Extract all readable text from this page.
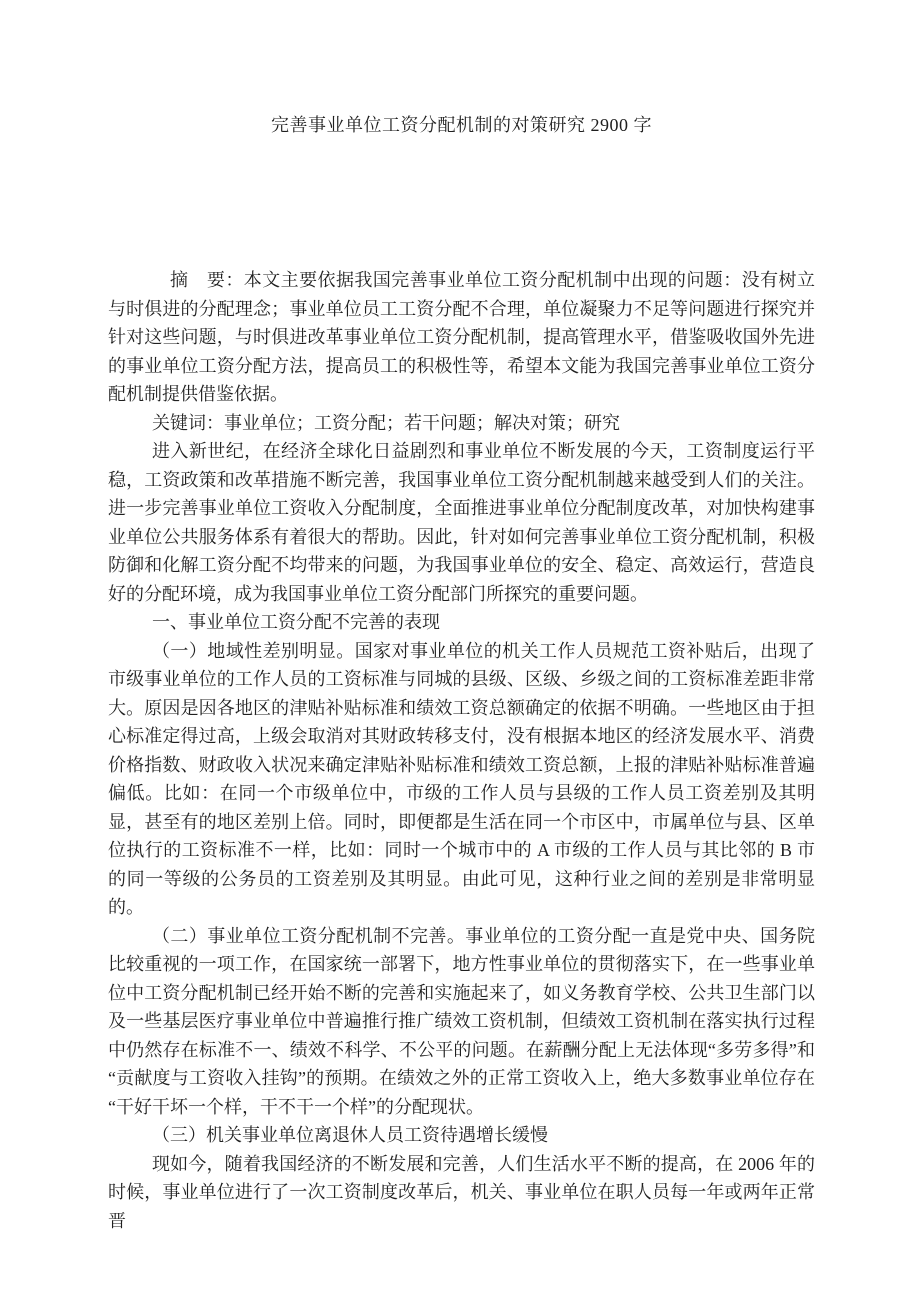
完善事业单位工资分配机制的对策研究 2900 字

摘　要：本文主要依据我国完善事业单位工资分配机制中出现的问题：没有树立与时俱进的分配理念；事业单位员工工资分配不合理，单位凝聚力不足等问题进行探究并针对这些问题，与时俱进改革事业单位工资分配机制，提高管理水平，借鉴吸收国外先进的事业单位工资分配方法，提高员工的积极性等，希望本文能为我国完善事业单位工资分配机制提供借鉴依据。

关键词：事业单位；工资分配；若干问题；解决对策；研究

进入新世纪，在经济全球化日益剧烈和事业单位不断发展的今天，工资制度运行平稳，工资政策和改革措施不断完善，我国事业单位工资分配机制越来越受到人们的关注。进一步完善事业单位工资收入分配制度，全面推进事业单位分配制度改革，对加快构建事业单位公共服务体系有着很大的帮助。因此，针对如何完善事业单位工资分配机制，积极防御和化解工资分配不均带来的问题，为我国事业单位的安全、稳定、高效运行，营造良好的分配环境，成为我国事业单位工资分配部门所探究的重要问题。

一、事业单位工资分配不完善的表现

（一）地域性差别明显。国家对事业单位的机关工作人员规范工资补贴后，出现了市级事业单位的工作人员的工资标准与同城的县级、区级、乡级之间的工资标准差距非常大。原因是因各地区的津贴补贴标准和绩效工资总额确定的依据不明确。一些地区由于担心标准定得过高，上级会取消对其财政转移支付，没有根据本地区的经济发展水平、消费价格指数、财政收入状况来确定津贴补贴标准和绩效工资总额，上报的津贴补贴标准普遍偏低。比如：在同一个市级单位中，市级的工作人员与县级的工作人员工资差别及其明显，甚至有的地区差别上倍。同时，即便都是生活在同一个市区中，市属单位与县、区单位执行的工资标准不一样，比如：同时一个城市中的 A 市级的工作人员与其比邻的 B 市的同一等级的公务员的工资差别及其明显。由此可见，这种行业之间的差别是非常明显的。

（二）事业单位工资分配机制不完善。事业单位的工资分配一直是党中央、国务院比较重视的一项工作，在国家统一部署下，地方性事业单位的贯彻落实下，在一些事业单位中工资分配机制已经开始不断的完善和实施起来了，如义务教育学校、公共卫生部门以及一些基层医疗事业单位中普遍推行推广绩效工资机制，但绩效工资机制在落实执行过程中仍然存在标准不一、绩效不科学、不公平的问题。在薪酬分配上无法体现“多劳多得”和“贡献度与工资收入挂钩”的预期。在绩效之外的正常工资收入上，绝大多数事业单位存在“干好干坏一个样，干不干一个样”的分配现状。

（三）机关事业单位离退休人员工资待遇增长缓慢

现如今，随着我国经济的不断发展和完善，人们生活水平不断的提高，在 2006 年的时候，事业单位进行了一次工资制度改革后，机关、事业单位在职人员每一年或两年正常晋
